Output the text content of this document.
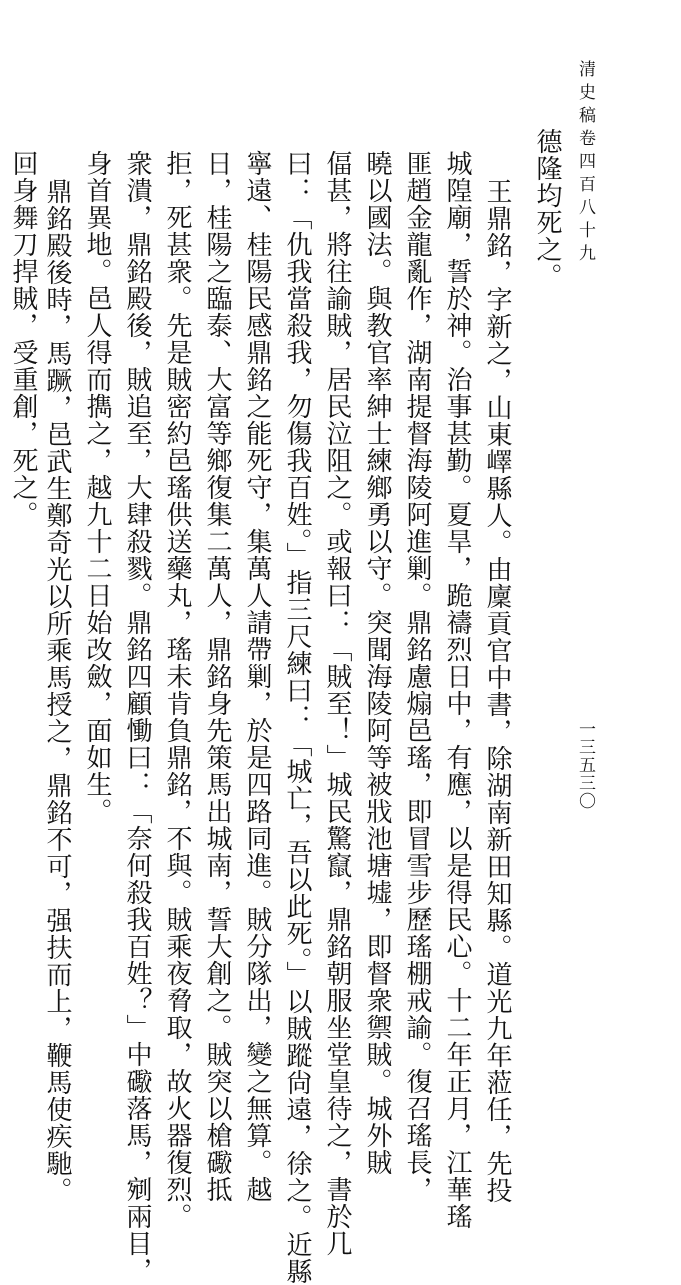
清史稿卷四百八十九
一三五三〇
德隆均死之。
王鼎銘，字新之，山東嶧縣人。由廩貢官中書，除湖南新田知縣。道光九年蒞任，先投
城隍廟，誓於神。治事甚勤。夏旱，跪禱烈日中，有應，以是得民心。十二年正月，江華瑤
匪趙金龍亂作，湖南提督海陵阿進剿。鼎銘慮煽邑瑤，即冒雪步歷瑤棚戒諭。復召瑤長，
曉以國法。與教官率紳士練鄉勇以守。突聞海陵阿等被戕池塘墟，即督衆禦賊。城外賊
偪甚，將往諭賊，居民泣阻之。或報曰：「賊至！」城民驚竄，鼎銘朝服坐堂皇待之，書於几
曰：「仇我當殺我，勿傷我百姓。」指三尺練曰：「城亡，吾以此死。」以賊蹤尙遠，徐之。近縣
寧遠、桂陽民感鼎銘之能死守，集萬人請帶剿，於是四路同進。賊分隊出，變之無算。越
日，桂陽之臨泰、大富等鄉復集二萬人，鼎銘身先策馬出城南，誓大創之。賊突以槍礮抵
拒，死甚衆。先是賊密約邑瑤供送藥丸，瑤未肯負鼎銘，不與。賊乘夜脅取，故火器復烈。
衆潰，鼎銘殿後，賊追至，大肆殺戮。鼎銘四顧慟曰：「奈何殺我百姓？」中礮落馬，剜兩目，
身首異地。邑人得而擕之，越九十二日始改斂，面如生。
鼎銘殿後時，馬蹶，邑武生鄭奇光以所乘馬授之，鼎銘不可，强扶而上，鞭馬使疾馳。
回身舞刀捍賊，受重創，死之。
